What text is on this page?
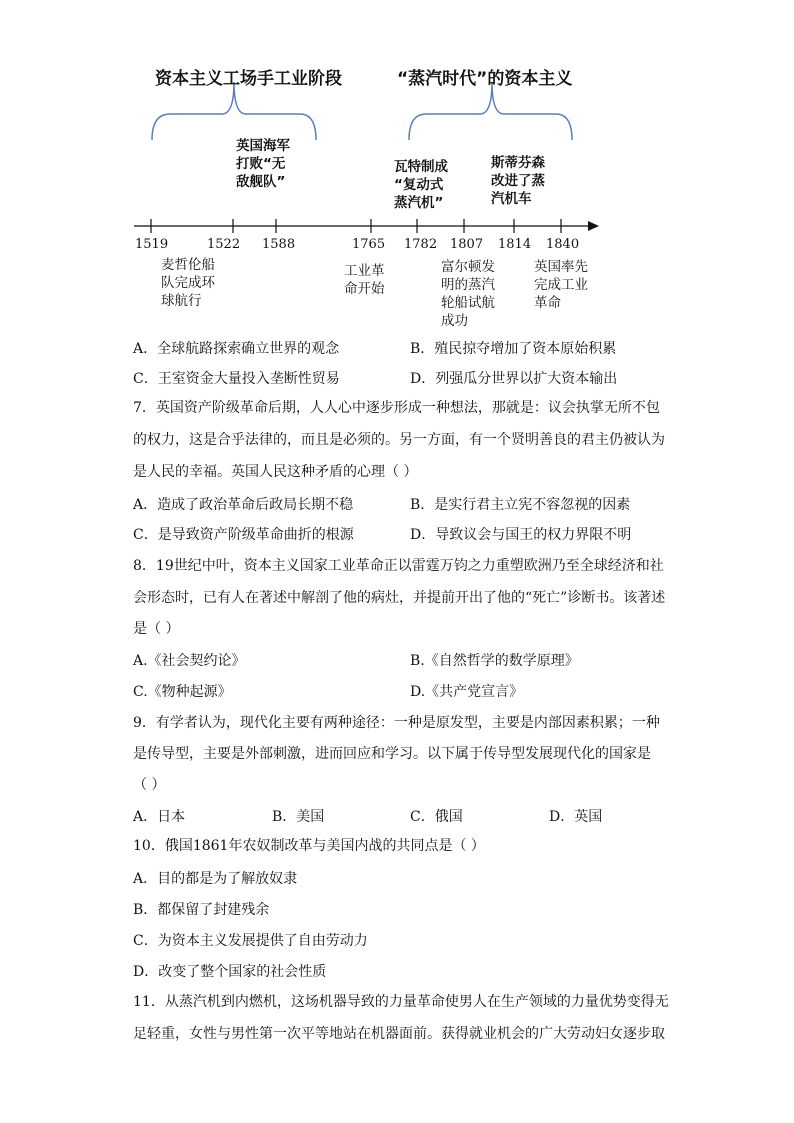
资本主义工场手工业阶段	“蒸汽时代”的资本主义
英国海军
打败“无
敌舰队”
瓦特制成
“复动式
蒸汽机”
斯蒂芬森
改进了蒸
汽机车
1519	1522 1588	1765 1782 1807 1814 1840
麦哲伦船
队完成环
球航行
工业革
命开始
富尔顿发
明的蒸汽
轮船试航
成功
英国率先
完成工业
革命
A．全球航路探索确立世界的观念	B．殖民掠夺增加了资本原始积累
C．王室资金大量投入垄断性贸易	D．列强瓜分世界以扩大资本输出
7．英国资产阶级革命后期，人人心中逐步形成一种想法，那就是：议会执掌无所不包
的权力，这是合乎法律的，而且是必须的。另一方面，有一个贤明善良的君主仍被认为
是人民的幸福。英国人民这种矛盾的心理（ ）
A．造成了政治革命后政局长期不稳	B．是实行君主立宪不容忽视的因素
C．是导致资产阶级革命曲折的根源	D．导致议会与国王的权力界限不明
8．19世纪中叶，资本主义国家工业革命正以雷霆万钧之力重塑欧洲乃至全球经济和社
会形态时，已有人在著述中解剖了他的病灶，并提前开出了他的“死亡”诊断书。该著述
是（ ）
A.《社会契约论》	B.《自然哲学的数学原理》
C.《物种起源》	D.《共产党宣言》
9．有学者认为，现代化主要有两种途径：一种是原发型，主要是内部因素积累；一种
是传导型，主要是外部刺激，进而回应和学习。以下属于传导型发展现代化的国家是
（ ）
A．日本	B．美国	C．俄国	D．英国
10．俄国1861年农奴制改革与美国内战的共同点是（ ）
A．目的都是为了解放奴隶
B．都保留了封建残余
C．为资本主义发展提供了自由劳动力
D．改变了整个国家的社会性质
11．从蒸汽机到内燃机，这场机器导致的力量革命使男人在生产领域的力量优势变得无
足轻重，女性与男性第一次平等地站在机器面前。获得就业机会的广大劳动妇女逐步取
